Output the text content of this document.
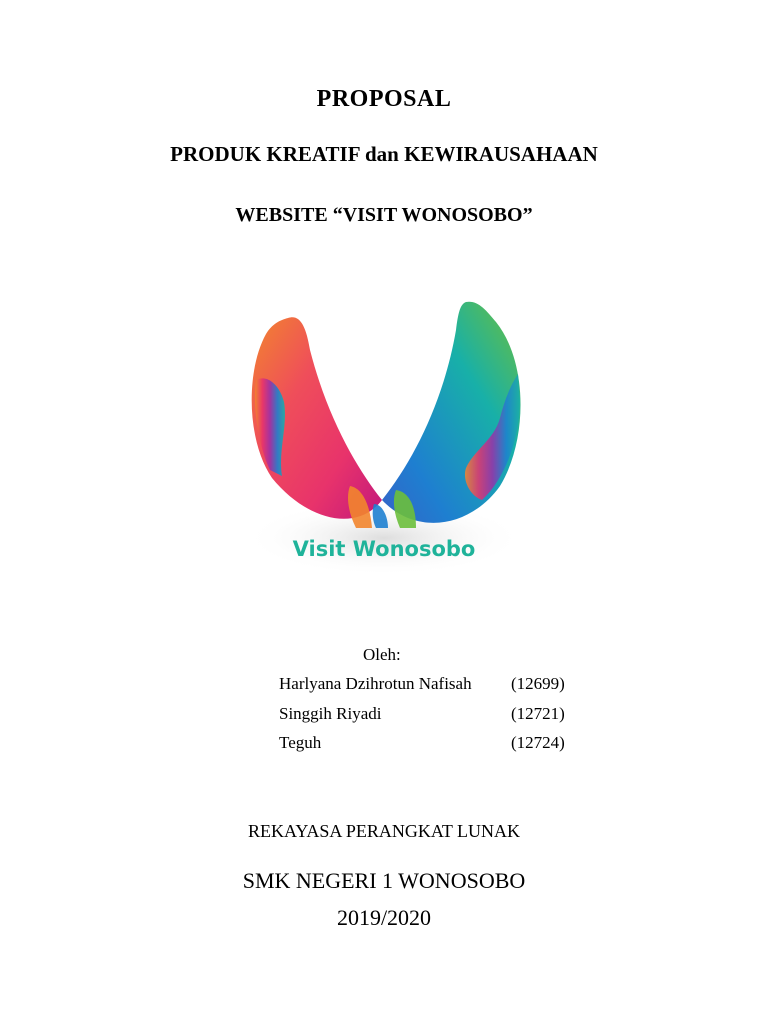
PROPOSAL
PRODUK KREATIF dan KEWIRAUSAHAAN
WEBSITE “VISIT WONOSOBO”
Visit Wonosobo
Oleh:
Harlyana Dzihrotun Nafisah (12699)
Singgih Riyadi	(12721)
Teguh	(12724)
REKAYASA PERANGKAT LUNAK
SMK NEGERI 1 WONOSOBO
2019/2020
